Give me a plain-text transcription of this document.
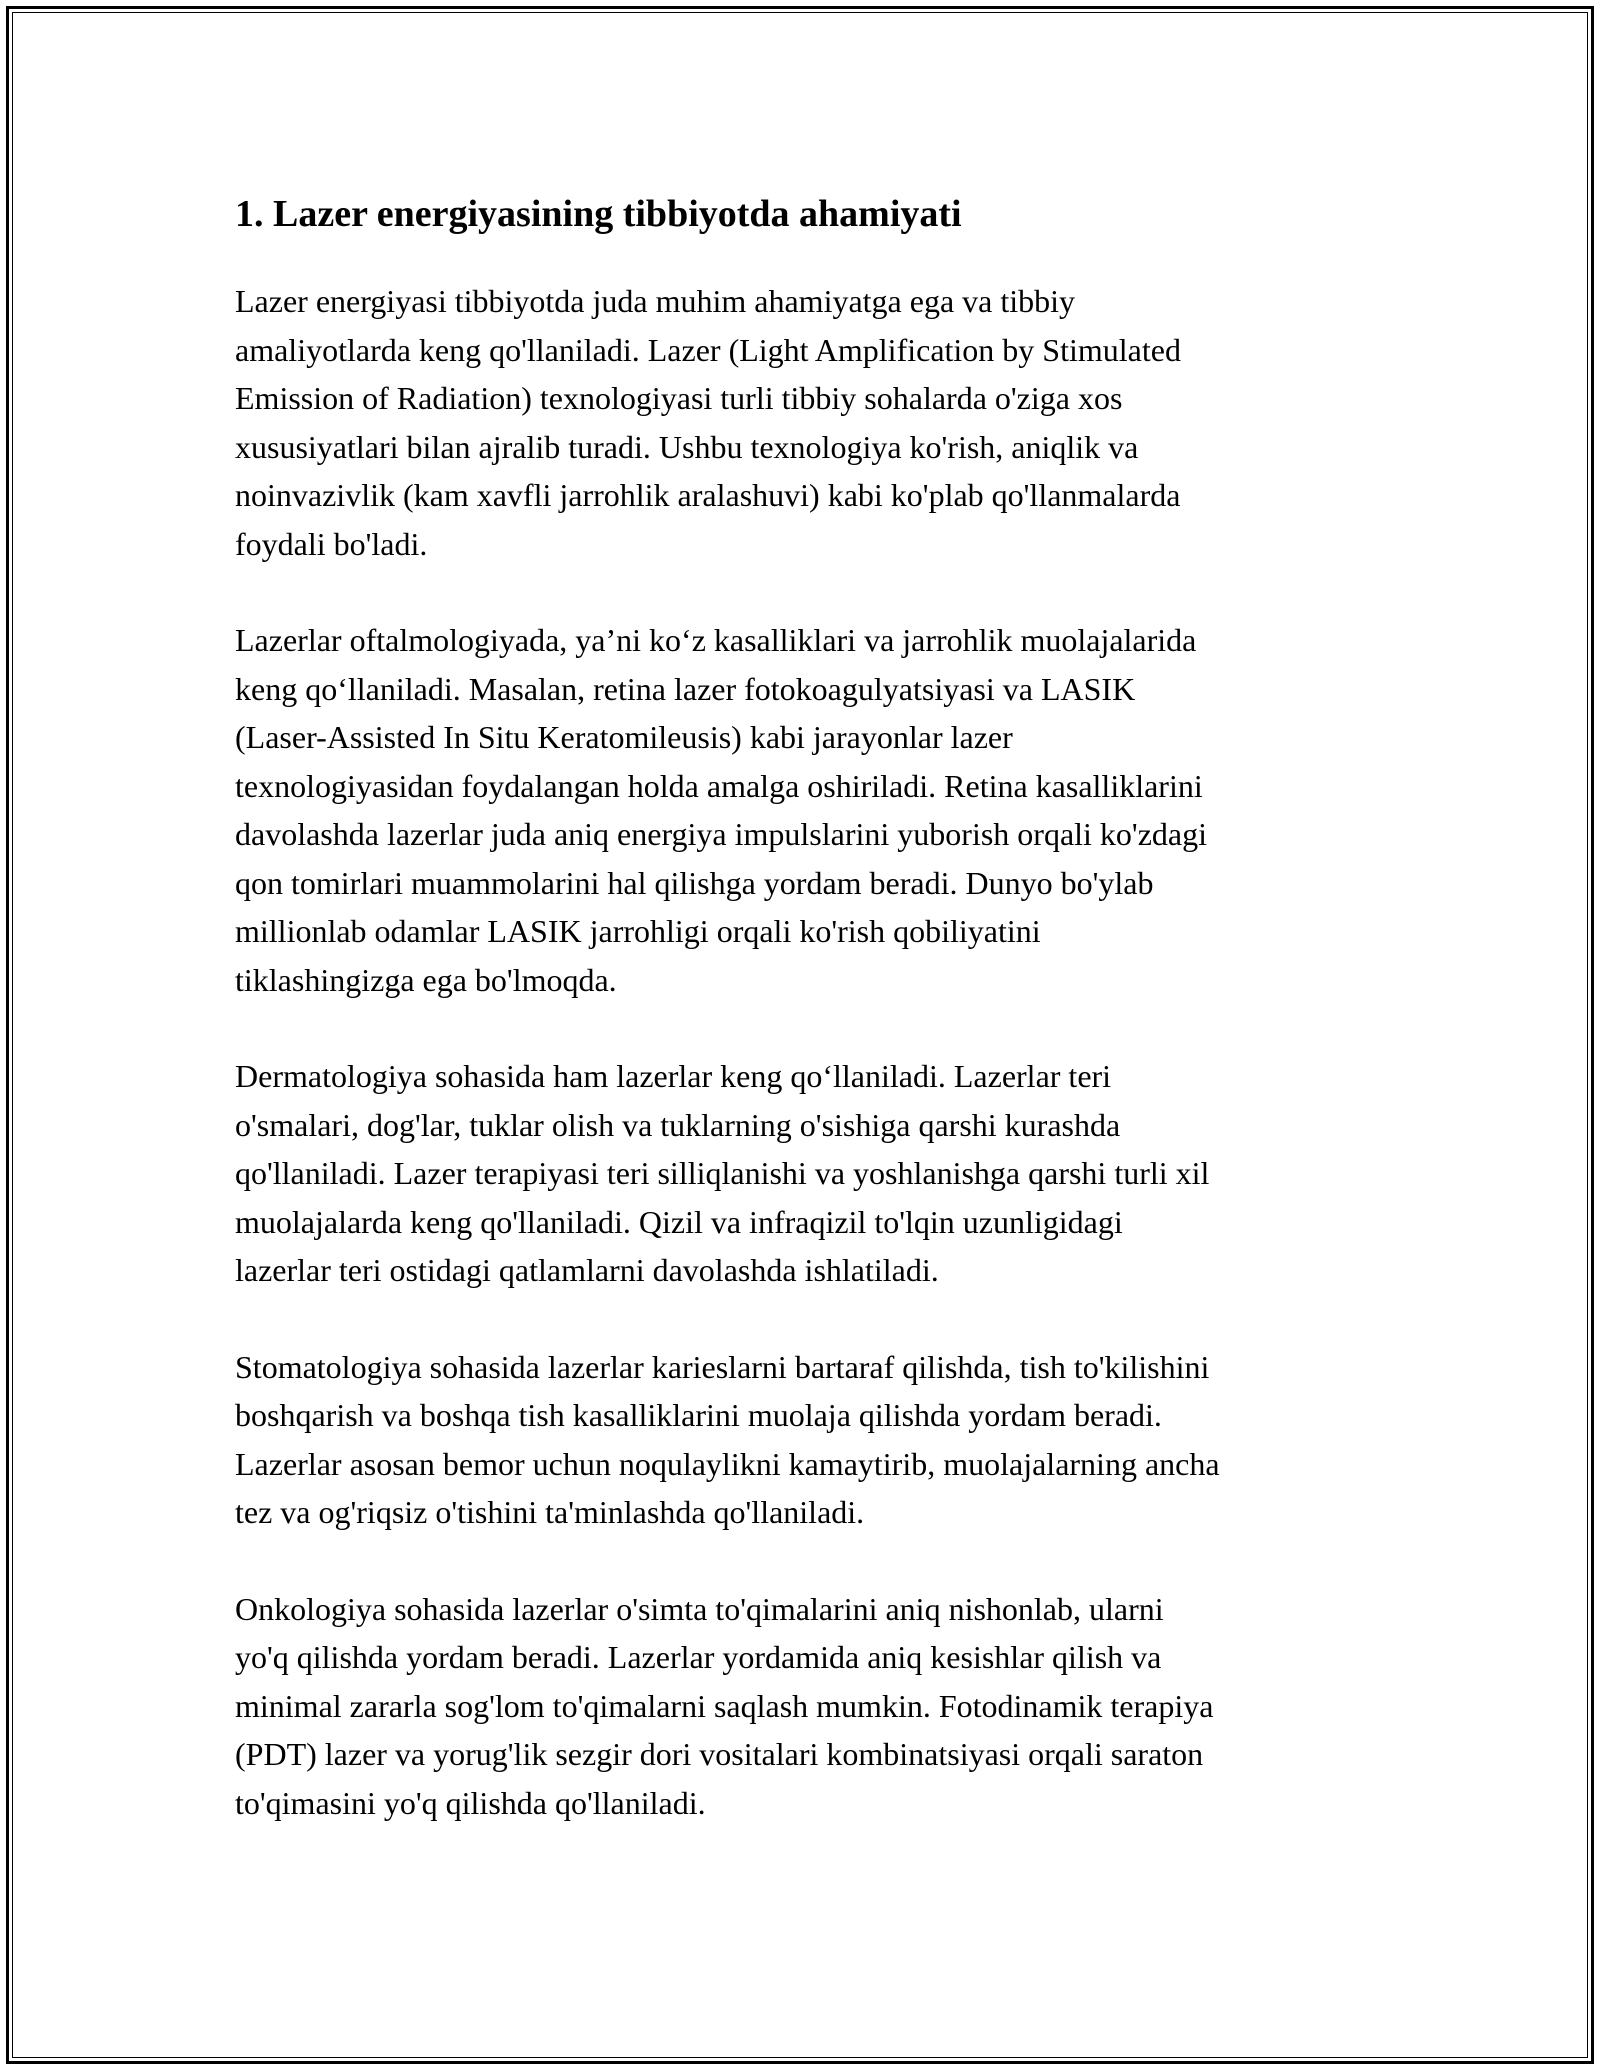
1. Lazer energiyasining tibbiyotda ahamiyati

Lazer energiyasi tibbiyotda juda muhim ahamiyatga ega va tibbiy
amaliyotlarda keng qo'llaniladi. Lazer (Light Amplification by Stimulated
Emission of Radiation) texnologiyasi turli tibbiy sohalarda o'ziga xos
xususiyatlari bilan ajralib turadi. Ushbu texnologiya ko'rish, aniqlik va
noinvazivlik (kam xavfli jarrohlik aralashuvi) kabi ko'plab qo'llanmalarda
foydali bo'ladi.

Lazerlar oftalmologiyada, ya’ni ko‘z kasalliklari va jarrohlik muolajalarida
keng qo‘llaniladi. Masalan, retina lazer fotokoagulyatsiyasi va LASIK
(Laser-Assisted In Situ Keratomileusis) kabi jarayonlar lazer
texnologiyasidan foydalangan holda amalga oshiriladi. Retina kasalliklarini
davolashda lazerlar juda aniq energiya impulslarini yuborish orqali ko'zdagi
qon tomirlari muammolarini hal qilishga yordam beradi. Dunyo bo'ylab
millionlab odamlar LASIK jarrohligi orqali ko'rish qobiliyatini
tiklashingizga ega bo'lmoqda.

Dermatologiya sohasida ham lazerlar keng qo‘llaniladi. Lazerlar teri
o'smalari, dog'lar, tuklar olish va tuklarning o'sishiga qarshi kurashda
qo'llaniladi. Lazer terapiyasi teri silliqlanishi va yoshlanishga qarshi turli xil
muolajalarda keng qo'llaniladi. Qizil va infraqizil to'lqin uzunligidagi
lazerlar teri ostidagi qatlamlarni davolashda ishlatiladi.

Stomatologiya sohasida lazerlar karieslarni bartaraf qilishda, tish to'kilishini
boshqarish va boshqa tish kasalliklarini muolaja qilishda yordam beradi.
Lazerlar asosan bemor uchun noqulaylikni kamaytirib, muolajalarning ancha
tez va og'riqsiz o'tishini ta'minlashda qo'llaniladi.

Onkologiya sohasida lazerlar o'simta to'qimalarini aniq nishonlab, ularni
yo'q qilishda yordam beradi. Lazerlar yordamida aniq kesishlar qilish va
minimal zararla sog'lom to'qimalarni saqlash mumkin. Fotodinamik terapiya
(PDT) lazer va yorug'lik sezgir dori vositalari kombinatsiyasi orqali saraton
to'qimasini yo'q qilishda qo'llaniladi.
